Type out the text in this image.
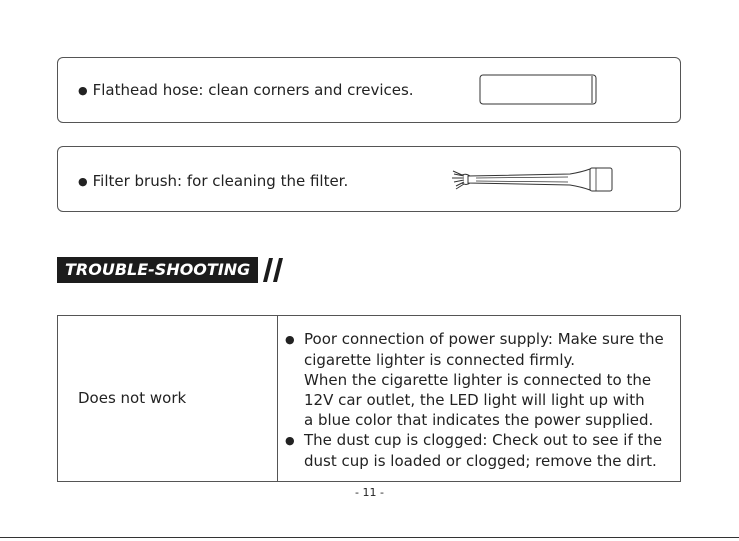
● Flathead hose: clean corners and crevices.
● Filter brush: for cleaning the filter.
TROUBLE-SHOOTING
Does not work
● Poor connection of power supply: Make sure the
cigarette lighter is connected firmly.
When the cigarette lighter is connected to the
12V car outlet, the LED light will light up with
a blue color that indicates the power supplied.
● The dust cup is clogged: Check out to see if the
dust cup is loaded or clogged; remove the dirt.
- 11 -
